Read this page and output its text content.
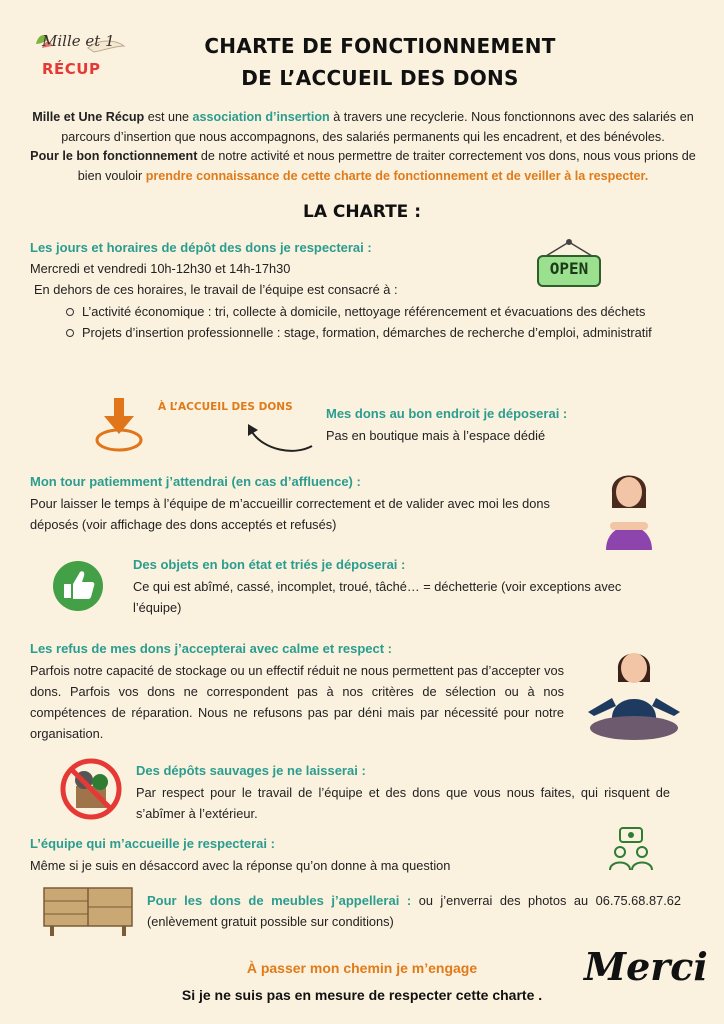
Mille et 1
RÉCUP
CHARTE DE FONCTIONNEMENT
DE L’ACCUEIL DES DONS
Mille et Une Récup est une association d’insertion à travers une recyclerie. Nous fonctionnons avec des salariés en parcours d’insertion que nous accompagnons, des salariés permanents qui les encadrent, et des bénévoles.
Pour le bon fonctionnement de notre activité et nous permettre de traiter correctement vos dons, nous vous prions de bien vouloir prendre connaissance de cette charte de fonctionnement et de veiller à la respecter.
LA CHARTE :
Les jours et horaires de dépôt des dons je respecterai :
Mercredi et vendredi 10h-12h30 et 14h-17h30
En dehors de ces horaires, le travail de l’équipe est consacré à :
L’activité économique : tri, collecte à domicile, nettoyage référencement et évacuations des déchets
Projets d’insertion professionnelle : stage, formation, démarches de recherche d’emploi, administratif
OPEN
À L’ACCUEIL DES DONS	Mes dons au bon endroit je déposerai :
Pas en boutique mais à l’espace dédié
Mon tour patiemment j’attendrai (en cas d’affluence) :
Pour laisser le temps à l’équipe de m’accueillir correctement et de valider avec moi les dons déposés (voir affichage des dons acceptés et refusés)
Des objets en bon état et triés je déposerai :
Ce qui est abîmé, cassé, incomplet, troué, tâché… = déchetterie (voir exceptions avec l’équipe)
Les refus de mes dons j’accepterai avec calme et respect :
Parfois notre capacité de stockage ou un effectif réduit ne nous permettent pas d’accepter vos dons. Parfois vos dons ne correspondent pas à nos critères de sélection ou à nos compétences de réparation. Nous ne refusons pas par déni mais par nécessité pour notre organisation.
Des dépôts sauvages je ne laisserai :
Par respect pour le travail de l’équipe et des dons que vous nous faites, qui risquent de s’abîmer à l’extérieur.
L’équipe qui m’accueille je respecterai :
Même si je suis en désaccord avec la réponse qu’on donne à ma question
Pour les dons de meubles j’appellerai : ou j’enverrai des photos au 06.75.68.87.62 (enlèvement gratuit possible sur conditions)
À passer mon chemin je m’engage
Si je ne suis pas en mesure de respecter cette charte .
Merci
